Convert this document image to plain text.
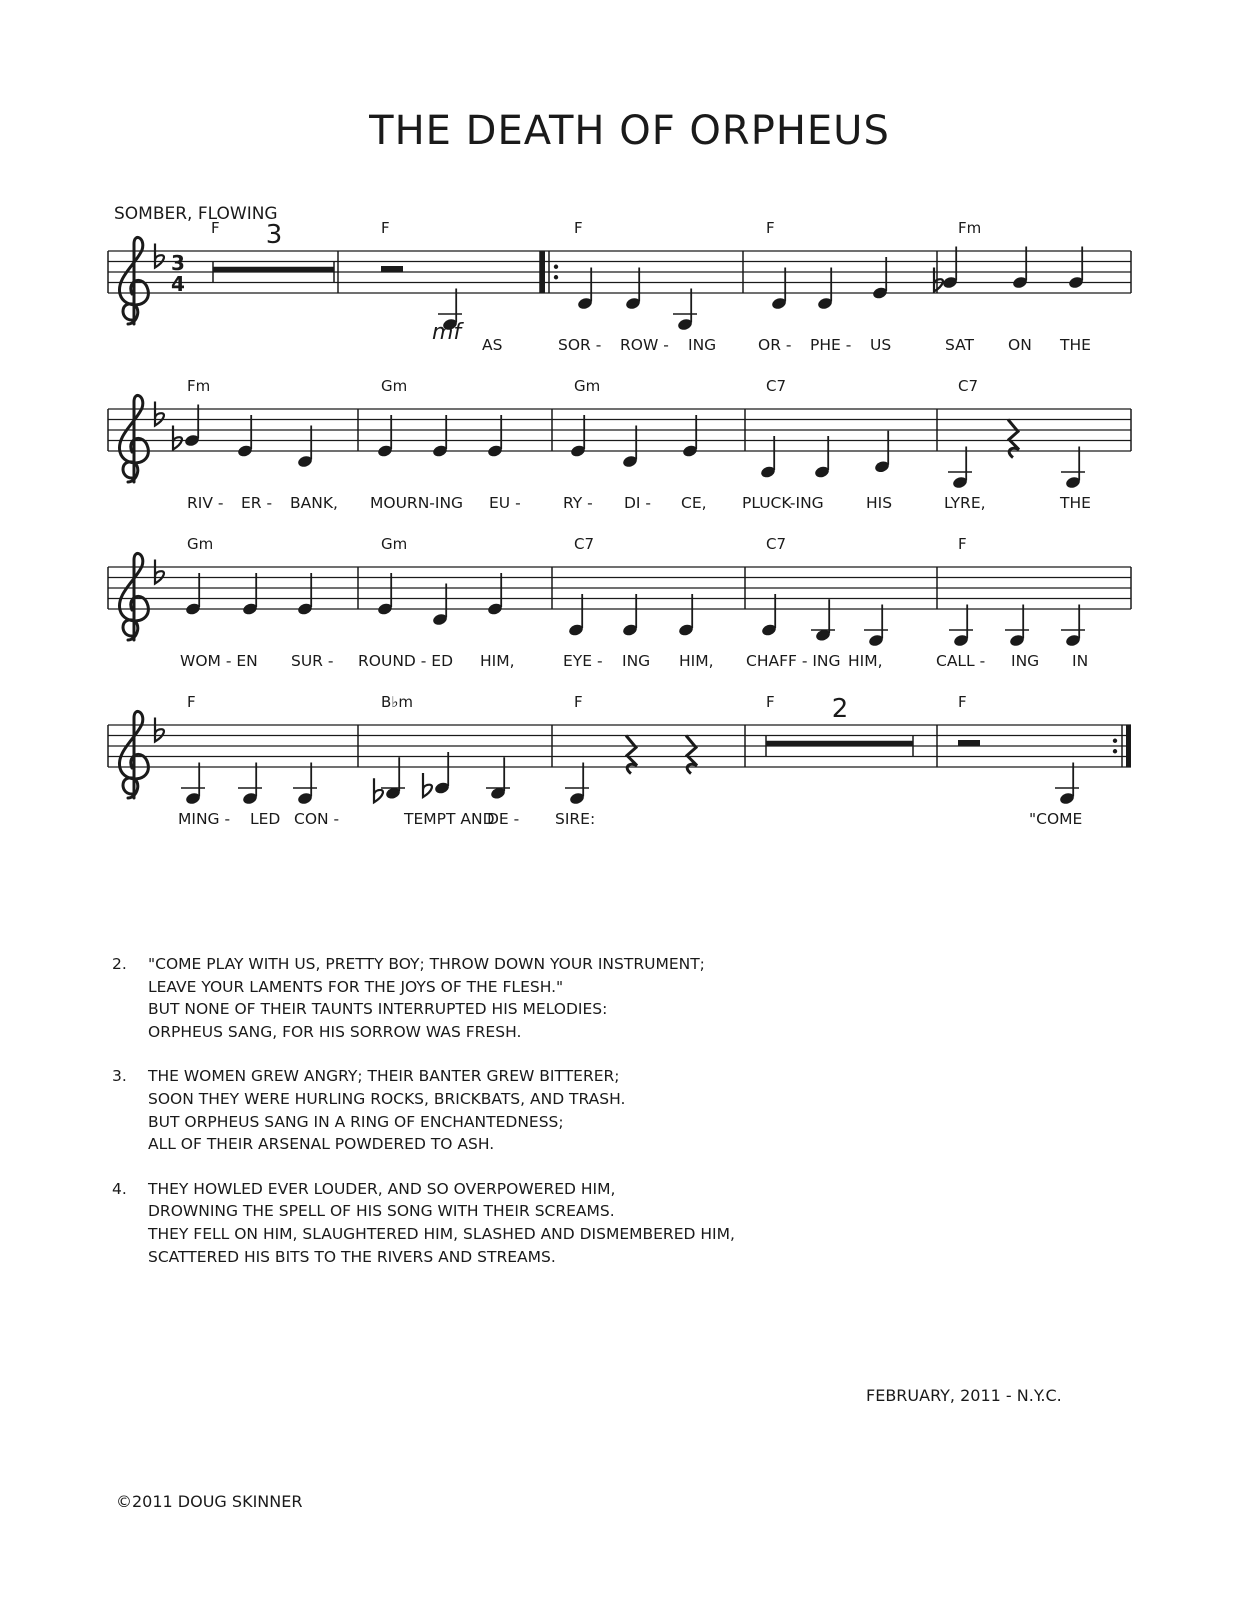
THE DEATH OF ORPHEUS
SOMBER, FLOWING
3
4
F	F	F	F	Fm
3
mf AS	SOR - ROW - ING	OR - PHE - US	SAT ON THE
Fm	Gm	Gm	C7	C7
RIV - ER - BANK, MOURN-ING EU -	RY - DI - CE, PLUCK-ING	HIS	LYRE,	THE
Gm	Gm	C7	C7	F
WOM - EN SUR - ROUND - ED HIM,	EYE - ING HIM, CHAFF - ING HIM,	CALL - ING IN
F	B♭m	F	F	F
2
MING - LED CON -	TEMPT AND
DE - SIRE:	"COME
2.	"COME PLAY WITH US, PRETTY BOY; THROW DOWN YOUR INSTRUMENT;
LEAVE YOUR LAMENTS FOR THE JOYS OF THE FLESH."
BUT NONE OF THEIR TAUNTS INTERRUPTED HIS MELODIES:
ORPHEUS SANG, FOR HIS SORROW WAS FRESH.
3.	THE WOMEN GREW ANGRY; THEIR BANTER GREW BITTERER;
SOON THEY WERE HURLING ROCKS, BRICKBATS, AND TRASH.
BUT ORPHEUS SANG IN A RING OF ENCHANTEDNESS;
ALL OF THEIR ARSENAL POWDERED TO ASH.
4.	THEY HOWLED EVER LOUDER, AND SO OVERPOWERED HIM,
DROWNING THE SPELL OF HIS SONG WITH THEIR SCREAMS.
THEY FELL ON HIM, SLAUGHTERED HIM, SLASHED AND DISMEMBERED HIM,
SCATTERED HIS BITS TO THE RIVERS AND STREAMS.
FEBRUARY, 2011 - N.Y.C.
©2011 DOUG SKINNER
